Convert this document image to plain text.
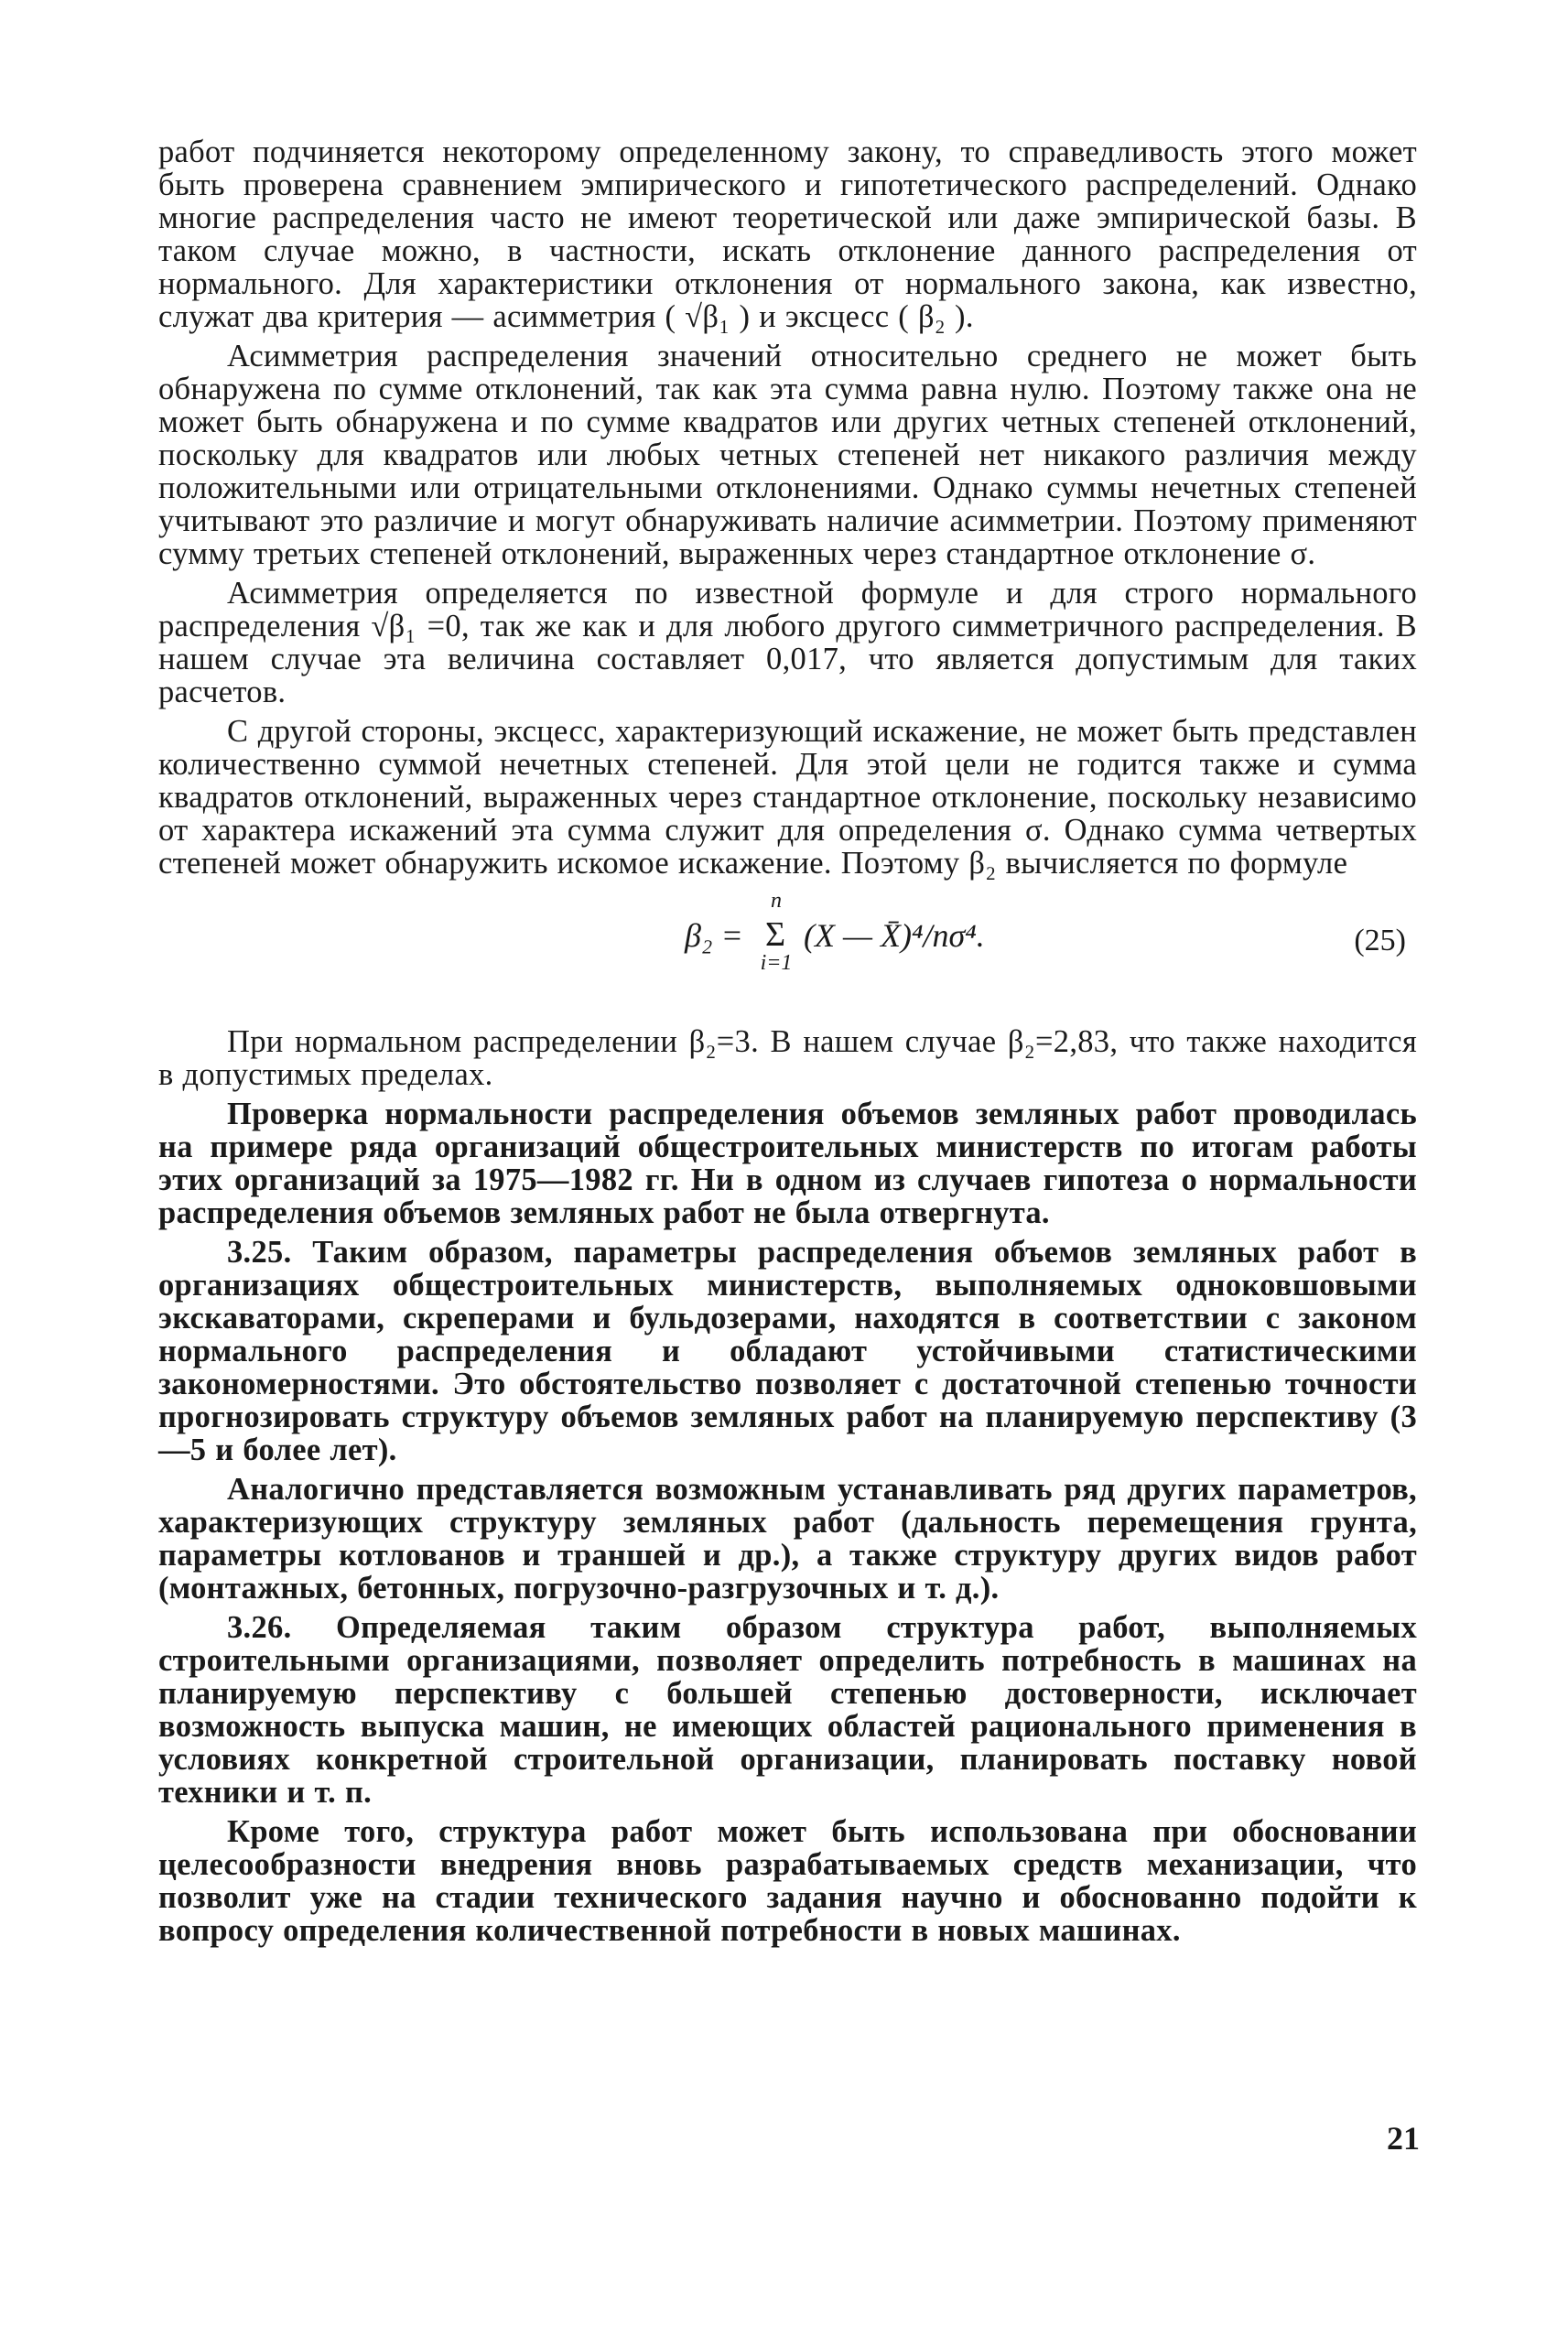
работ подчиняется некоторому определенному закону, то справедливость этого может быть проверена сравнением эмпирического и гипотетического распределений. Однако многие распределения часто не имеют теоретической или даже эмпирической базы. В таком случае можно, в частности, искать отклонение данного распределения от нормального. Для характеристики отклонения от нормального закона, как известно, служат два критерия — асимметрия ( √β₁ ) и эксцесс ( β₂ ).

Асимметрия распределения значений относительно среднего не может быть обнаружена по сумме отклонений, так как эта сумма равна нулю. Поэтому также она не может быть обнаружена и по сумме квадратов или других четных степеней отклонений, поскольку для квадратов или любых четных степеней нет никакого различия между положительными или отрицательными отклонениями. Однако суммы нечетных степеней учитывают это различие и могут обнаруживать наличие асимметрии. Поэтому применяют сумму третьих степеней отклонений, выраженных через стандартное отклонение σ.

Асимметрия определяется по известной формуле и для строго нормального распределения √β₁ =0, так же как и для любого другого симметричного распределения. В нашем случае эта величина составляет 0,017, что является допустимым для таких расчетов.

С другой стороны, эксцесс, характеризующий искажение, не может быть представлен количественно суммой нечетных степеней. Для этой цели не годится также и сумма квадратов отклонений, выраженных через стандартное отклонение, поскольку независимо от характера искажений эта сумма служит для определения σ. Однако сумма четвертых степеней может обнаружить искомое искажение. Поэтому β₂ вычисляется по формуле

β₂ =
n
Σ
i=1
(X — X̄)⁴/nσ⁴.	(25)

При нормальном распределении β₂=3. В нашем случае β₂=2,83, что также находится в допустимых пределах.

Проверка нормальности распределения объемов земляных работ проводилась на примере ряда организаций общестроительных министерств по итогам работы этих организаций за 1975—1982 гг. Ни в одном из случаев гипотеза о нормальности распределения объемов земляных работ не была отвергнута.

3.25. Таким образом, параметры распределения объемов земляных работ в организациях общестроительных министерств, выполняемых одноковшовыми экскаваторами, скреперами и бульдозерами, находятся в соответствии с законом нормального распределения и обладают устойчивыми статистическими закономерностями. Это обстоятельство позволяет с достаточной степенью точности прогнозировать структуру объемов земляных работ на планируемую перспективу (3—5 и более лет).

Аналогично представляется возможным устанавливать ряд других параметров, характеризующих структуру земляных работ (дальность перемещения грунта, параметры котлованов и траншей и др.), а также структуру других видов работ (монтажных, бетонных, погрузочно-разгрузочных и т. д.).

3.26. Определяемая таким образом структура работ, выполняемых строительными организациями, позволяет определить потребность в машинах на планируемую перспективу с большей степенью достоверности, исключает возможность выпуска машин, не имеющих областей рационального применения в условиях конкретной строительной организации, планировать поставку новой техники и т. п.

Кроме того, структура работ может быть использована при обосновании целесообразности внедрения вновь разрабатываемых средств механизации, что позволит уже на стадии технического задания научно и обоснованно подойти к вопросу определения количественной потребности в новых машинах.

21
